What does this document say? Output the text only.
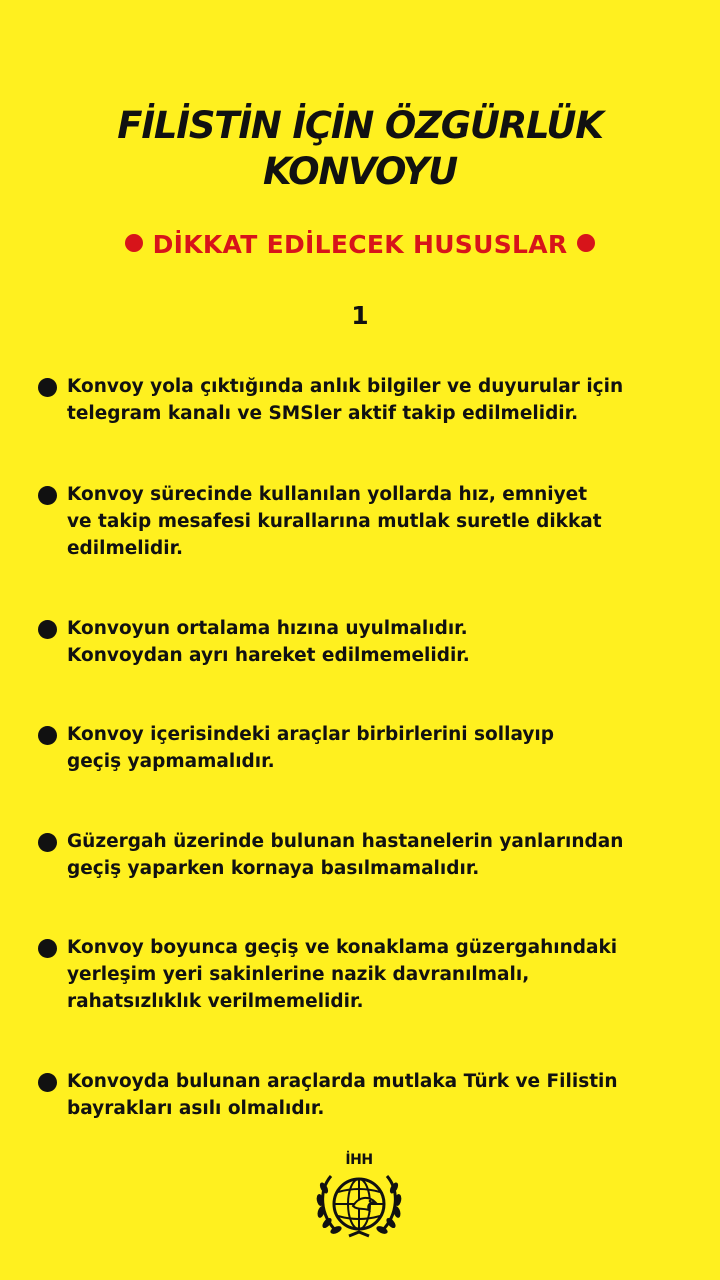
FİLİSTİN İÇİN ÖZGÜRLÜK
KONVOYU
DİKKAT EDİLECEK HUSUSLAR
1
Konvoy yola çıktığında anlık bilgiler ve duyurular için
telegram kanalı ve SMSler aktif takip edilmelidir.
Konvoy sürecinde kullanılan yollarda hız, emniyet
ve takip mesafesi kurallarına mutlak suretle dikkat
edilmelidir.
Konvoyun ortalama hızına uyulmalıdır.
Konvoydan ayrı hareket edilmemelidir.
Konvoy içerisindeki araçlar birbirlerini sollayıp
geçiş yapmamalıdır.
Güzergah üzerinde bulunan hastanelerin yanlarından
geçiş yaparken kornaya basılmamalıdır.
Konvoy boyunca geçiş ve konaklama güzergahındaki
yerleşim yeri sakinlerine nazik davranılmalı,
rahatsızlıklık verilmemelidir.
Konvoyda bulunan araçlarda mutlaka Türk ve Filistin
bayrakları asılı olmalıdır.
İHH
